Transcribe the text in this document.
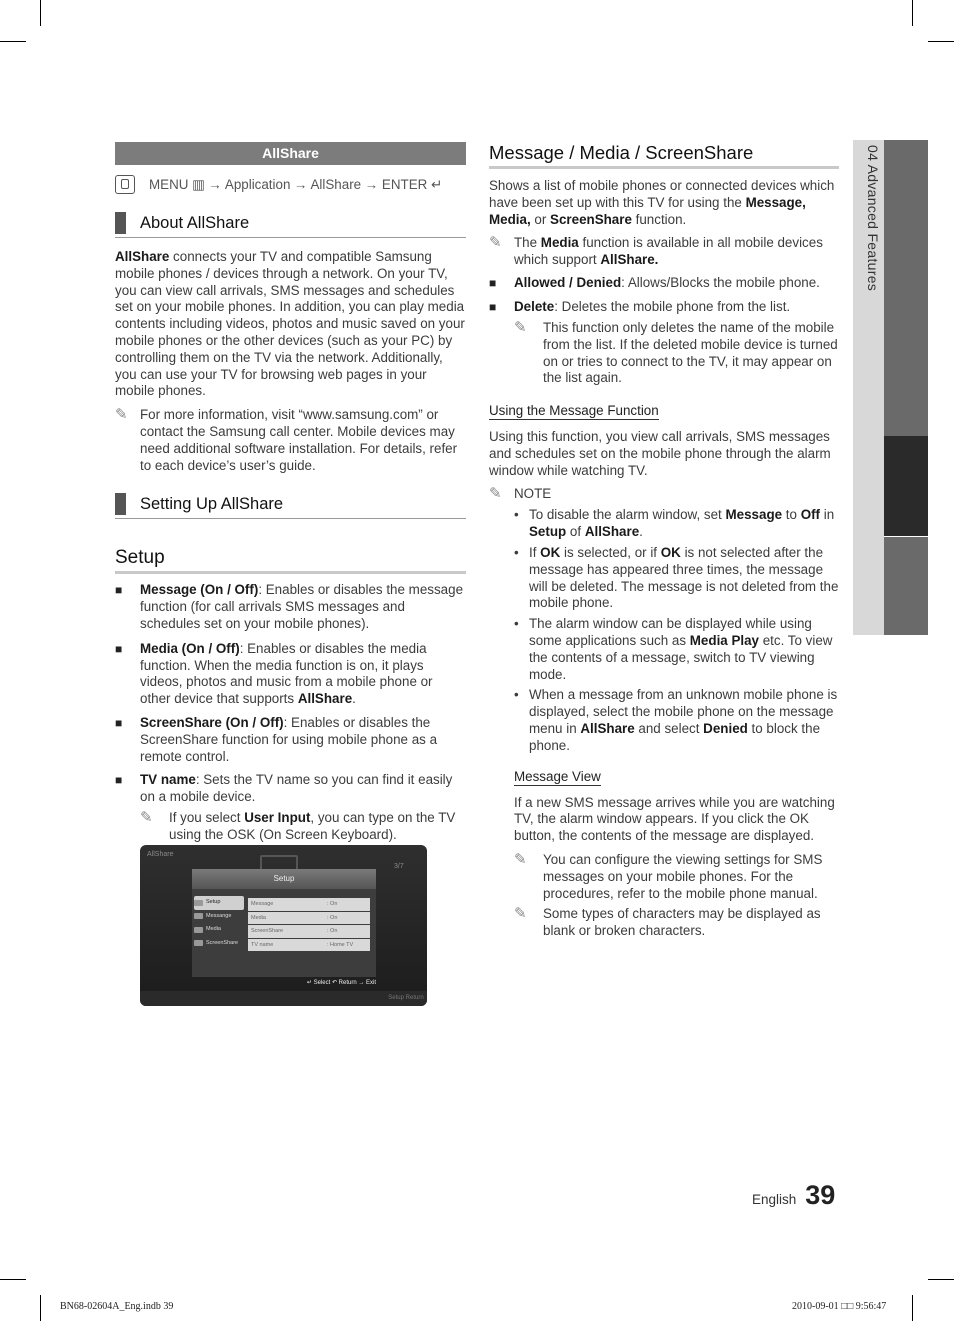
AllShare
MENU ▥ → Application → AllShare → ENTER ↵
About AllShare
AllShare connects your TV and compatible Samsung mobile phones / devices through a network. On your TV, you can view call arrivals, SMS messages and schedules set on your mobile phones. In addition, you can play media contents including videos, photos and music saved on your mobile phones or the other devices (such as your PC) by controlling them on the TV via the network. Additionally, you can use your TV for browsing web pages in your mobile phones.
✎ For more information, visit “www.samsung.com” or contact the Samsung call center. Mobile devices may need additional software installation. For details, refer to each device’s user’s guide.
Setting Up AllShare
Setup
■	Message (On / Off): Enables or disables the message function (for call arrivals SMS messages and schedules set on your mobile phones).
■	Media (On / Off): Enables or disables the media function. When the media function is on, it plays videos, photos and music from a mobile phone or other device that supports AllShare.
■	ScreenShare (On / Off): Enables or disables the ScreenShare function for using mobile phone as a remote control.
■	TV name: Sets the TV name so you can find it easily on a mobile device.
✎	If you select User Input, you can type on the TV using the OSK (On Screen Keyboard).
AllShare
3/7
Setup
Setup
Messange
Media
ScreenShare
Message	: On
Media	: On
ScreenShare	: On
TV name	: Home TV
↵ Select ↶ Return → Exit
Setup Return
Message / Media / ScreenShare
Shows a list of mobile phones or connected devices which have been set up with this TV for using the Message, Media, or ScreenShare function.
✎ The Media function is available in all mobile devices which support AllShare.
■	Allowed / Denied: Allows/Blocks the mobile phone.
■	Delete: Deletes the mobile phone from the list.
✎	This function only deletes the name of the mobile from the list. If the deleted mobile device is turned on or tries to connect to the TV, it may appear on the list again.
Using the Message Function
Using this function, you view call arrivals, SMS messages and schedules set on the mobile phone through the alarm window while watching TV.
✎ NOTE
• To disable the alarm window, set Message to Off in Setup of AllShare.
• If OK is selected, or if OK is not selected after the message has appeared three times, the message will be deleted. The message is not deleted from the mobile phone.
• The alarm window can be displayed while using some applications such as Media Play etc. To view the contents of a message, switch to TV viewing mode.
• When a message from an unknown mobile phone is displayed, select the mobile phone on the message menu in AllShare and select Denied to block the phone.
Message View
If a new SMS message arrives while you are watching TV, the alarm window appears. If you click the OK button, the contents of the message are displayed.
✎	You can configure the viewing settings for SMS messages on your mobile phones. For the procedures, refer to the mobile phone manual.
✎	Some types of characters may be displayed as blank or broken characters.
04 Advanced Features
English 39
BN68-02604A_Eng.indb 39	2010-09-01 □□ 9:56:47
